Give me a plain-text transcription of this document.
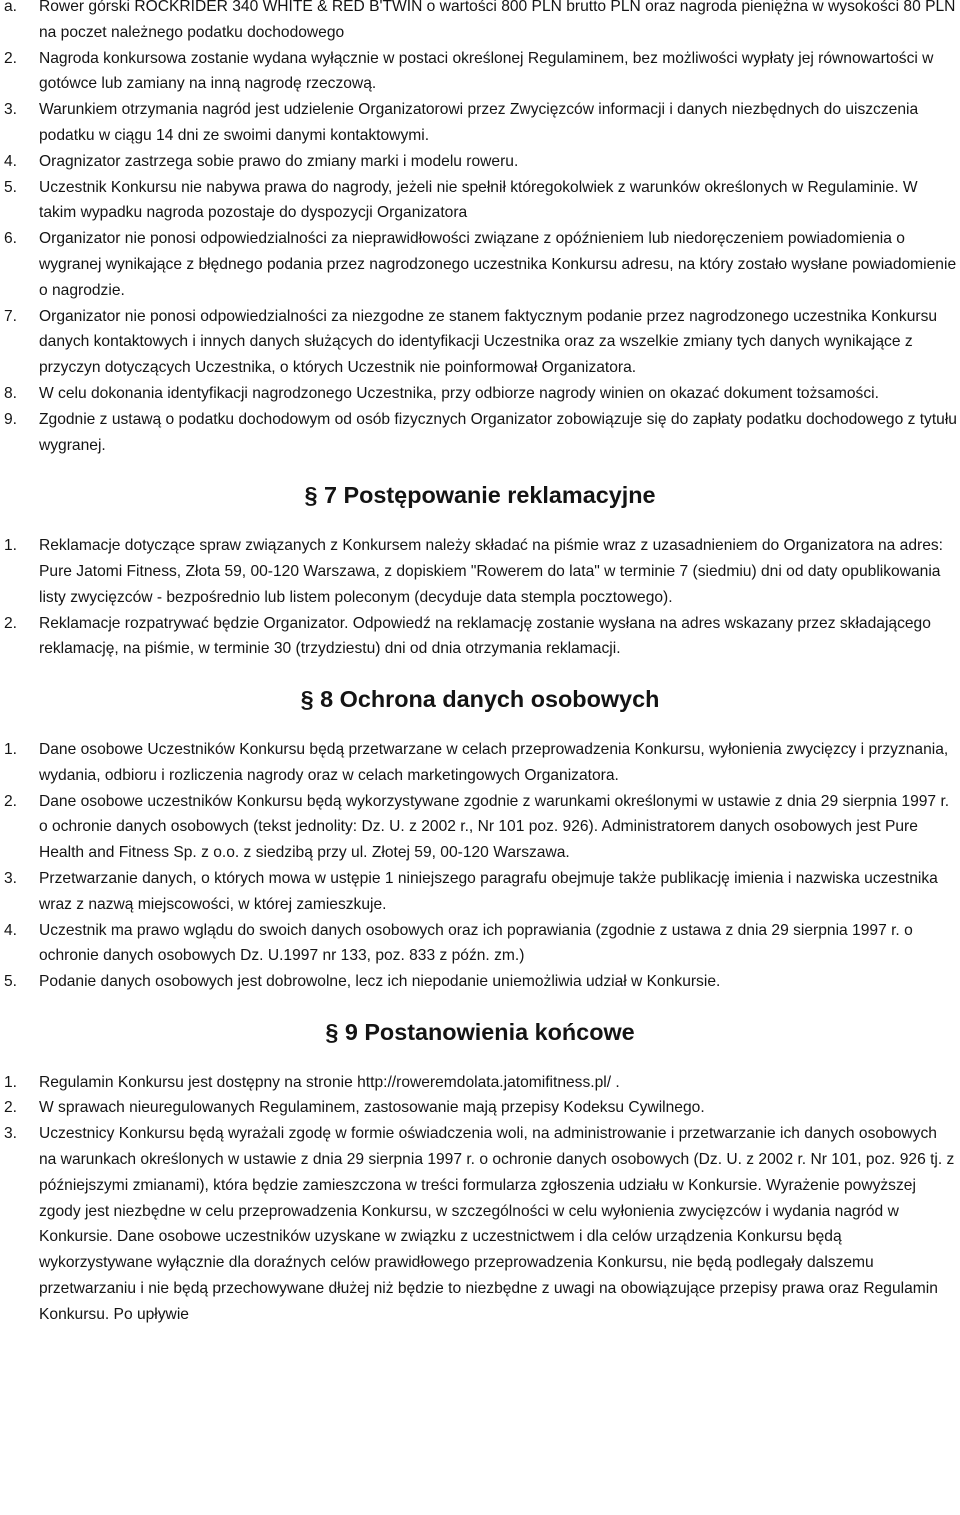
a. Rower górski ROCKRIDER 340 WHITE & RED B'TWIN o wartości 800 PLN brutto PLN oraz nagroda pieniężna w wysokości 80 PLN na poczet należnego podatku dochodowego

2. Nagroda konkursowa zostanie wydana wyłącznie w postaci określonej Regulaminem, bez możliwości wypłaty jej równowartości w gotówce lub zamiany na inną nagrodę rzeczową.

3. Warunkiem otrzymania nagród jest udzielenie Organizatorowi przez Zwycięzców informacji i danych niezbędnych do uiszczenia podatku w ciągu 14 dni ze swoimi danymi kontaktowymi.

4. Oragnizator zastrzega sobie prawo do zmiany marki i modelu roweru.

5. Uczestnik Konkursu nie nabywa prawa do nagrody, jeżeli nie spełnił któregokolwiek z warunków określonych w Regulaminie. W takim wypadku nagroda pozostaje do dyspozycji Organizatora

6. Organizator nie ponosi odpowiedzialności za nieprawidłowości związane z opóźnieniem lub niedoręczeniem powiadomienia o wygranej wynikające z błędnego podania przez nagrodzonego uczestnika Konkursu adresu, na który zostało wysłane powiadomienie o nagrodzie.

7. Organizator nie ponosi odpowiedzialności za niezgodne ze stanem faktycznym podanie przez nagrodzonego uczestnika Konkursu danych kontaktowych i innych danych służących do identyfikacji Uczestnika oraz za wszelkie zmiany tych danych wynikające z przyczyn dotyczących Uczestnika, o których Uczestnik nie poinformował Organizatora.

8. W celu dokonania identyfikacji nagrodzonego Uczestnika, przy odbiorze nagrody winien on okazać dokument tożsamości.

9. Zgodnie z ustawą o podatku dochodowym od osób fizycznych Organizator zobowiązuje się do zapłaty podatku dochodowego z tytułu wygranej.

§ 7 Postępowanie reklamacyjne
1. Reklamacje dotyczące spraw związanych z Konkursem należy składać na piśmie wraz z uzasadnieniem do Organizatora na adres: Pure Jatomi Fitness, Złota 59, 00-120 Warszawa, z dopiskiem "Rowerem do lata" w terminie 7 (siedmiu) dni od daty opublikowania listy zwycięzców - bezpośrednio lub listem poleconym (decyduje data stempla pocztowego).

2. Reklamacje rozpatrywać będzie Organizator. Odpowiedź na reklamację zostanie wysłana na adres wskazany przez składającego reklamację, na piśmie, w terminie 30 (trzydziestu) dni od dnia otrzymania reklamacji.

§ 8 Ochrona danych osobowych
1. Dane osobowe Uczestników Konkursu będą przetwarzane w celach przeprowadzenia Konkursu, wyłonienia zwycięzcy i przyznania, wydania, odbioru i rozliczenia nagrody oraz w celach marketingowych Organizatora.

2. Dane osobowe uczestników Konkursu będą wykorzystywane zgodnie z warunkami określonymi w ustawie z dnia 29 sierpnia 1997 r. o ochronie danych osobowych (tekst jednolity: Dz. U. z 2002 r., Nr 101 poz. 926). Administratorem danych osobowych jest Pure Health and Fitness Sp. z o.o. z siedzibą przy ul. Złotej 59, 00-120 Warszawa.

3. Przetwarzanie danych, o których mowa w ustępie 1 niniejszego paragrafu obejmuje także publikację imienia i nazwiska uczestnika wraz z nazwą miejscowości, w której zamieszkuje.

4. Uczestnik ma prawo wglądu do swoich danych osobowych oraz ich poprawiania (zgodnie z ustawa z dnia 29 sierpnia 1997 r. o ochronie danych osobowych Dz. U.1997 nr 133, poz. 833 z późn. zm.)

5. Podanie danych osobowych jest dobrowolne, lecz ich niepodanie uniemożliwia udział w Konkursie.

§ 9 Postanowienia końcowe
1. Regulamin Konkursu jest dostępny na stronie http://roweremdolata.jatomifitness.pl/ .

2. W sprawach nieuregulowanych Regulaminem, zastosowanie mają przepisy Kodeksu Cywilnego.

3. Uczestnicy Konkursu będą wyrażali zgodę w formie oświadczenia woli, na administrowanie i przetwarzanie ich danych osobowych na warunkach określonych w ustawie z dnia 29 sierpnia 1997 r. o ochronie danych osobowych (Dz. U. z 2002 r. Nr 101, poz. 926 tj. z późniejszymi zmianami), która będzie zamieszczona w treści formularza zgłoszenia udziału w Konkursie. Wyrażenie powyższej zgody jest niezbędne w celu przeprowadzenia Konkursu, w szczególności w celu wyłonienia zwycięzców i wydania nagród w Konkursie. Dane osobowe uczestników uzyskane w związku z uczestnictwem i dla celów urządzenia Konkursu będą wykorzystywane wyłącznie dla doraźnych celów prawidłowego przeprowadzenia Konkursu, nie będą podlegały dalszemu przetwarzaniu i nie będą przechowywane dłużej niż będzie to niezbędne z uwagi na obowiązujące przepisy prawa oraz Regulamin Konkursu. Po upływie
